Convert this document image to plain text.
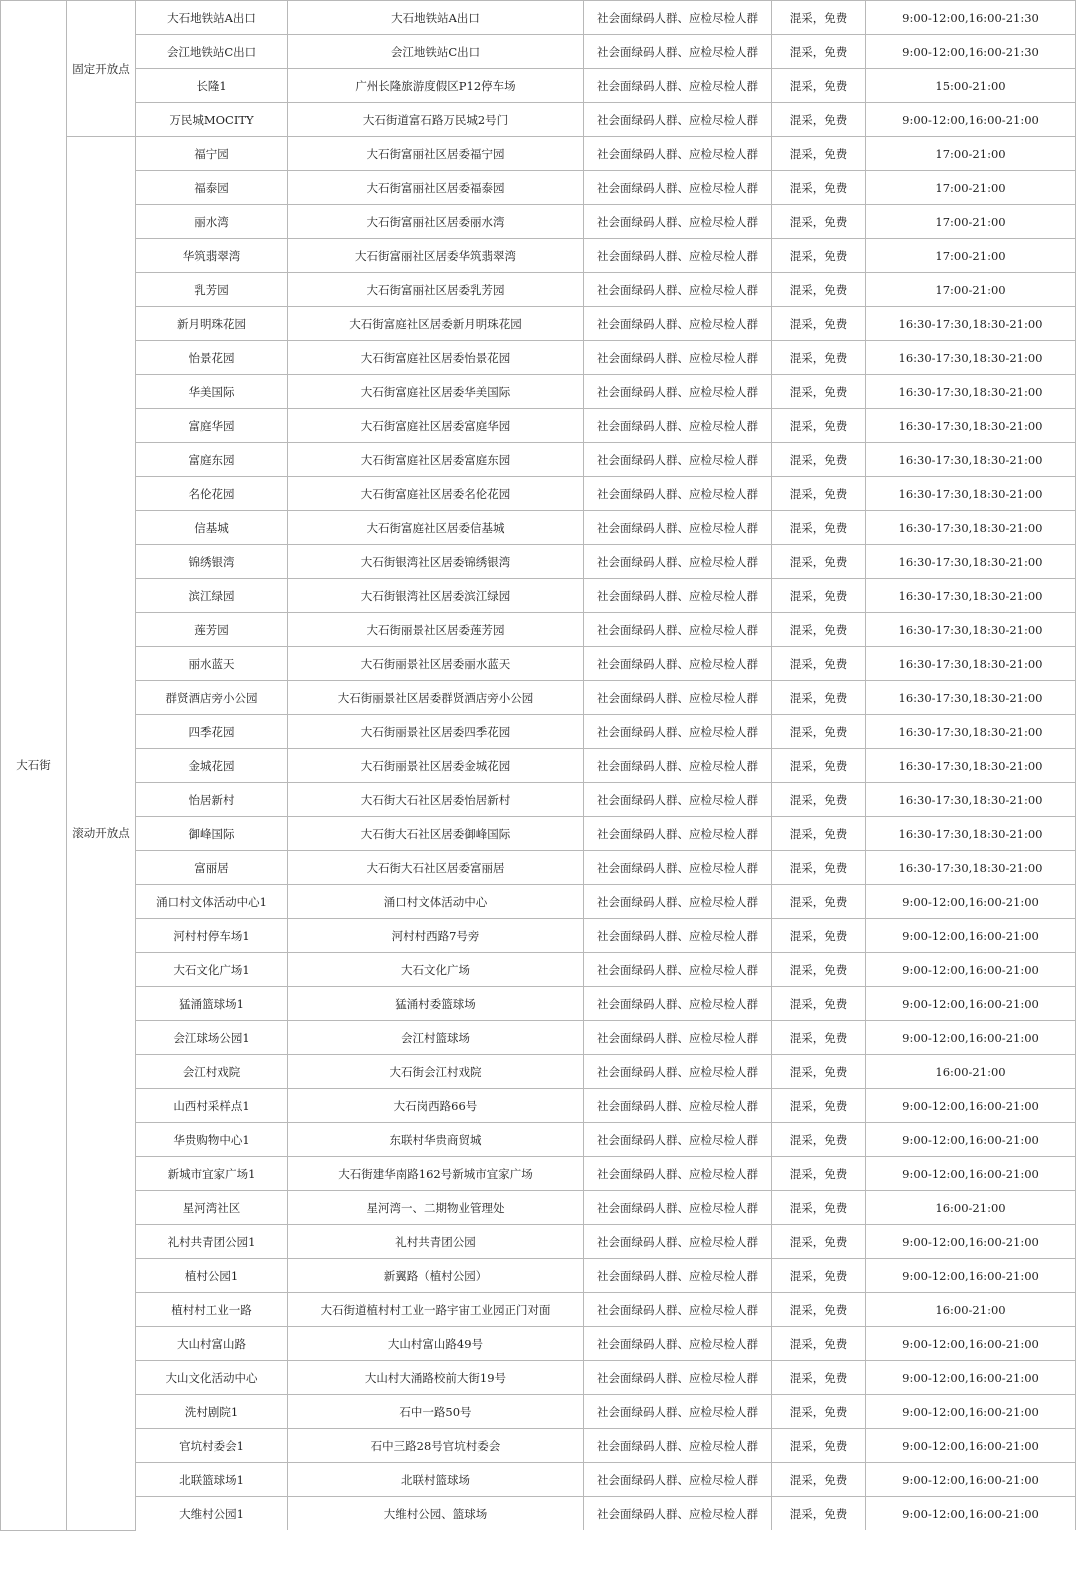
大石街	固定开放点	大石地铁站A出口	大石地铁站A出口	社会面绿码人群、应检尽检人群	混采，免费	9:00-12:00,16:00-21:30
		会江地铁站C出口	会江地铁站C出口	社会面绿码人群、应检尽检人群	混采，免费	9:00-12:00,16:00-21:30
		长隆1	广州长隆旅游度假区P12停车场	社会面绿码人群、应检尽检人群	混采，免费	15:00-21:00
		万民城MOCITY	大石街道富石路万民城2号门	社会面绿码人群、应检尽检人群	混采，免费	9:00-12:00,16:00-21:00
	滚动开放点	福宁园	大石街富丽社区居委福宁园	社会面绿码人群、应检尽检人群	混采，免费	17:00-21:00
		福泰园	大石街富丽社区居委福泰园	社会面绿码人群、应检尽检人群	混采，免费	17:00-21:00
		丽水湾	大石街富丽社区居委丽水湾	社会面绿码人群、应检尽检人群	混采，免费	17:00-21:00
		华筑翡翠湾	大石街富丽社区居委华筑翡翠湾	社会面绿码人群、应检尽检人群	混采，免费	17:00-21:00
		乳芳园	大石街富丽社区居委乳芳园	社会面绿码人群、应检尽检人群	混采，免费	17:00-21:00
		新月明珠花园	大石街富庭社区居委新月明珠花园	社会面绿码人群、应检尽检人群	混采，免费	16:30-17:30,18:30-21:00
		怡景花园	大石街富庭社区居委怡景花园	社会面绿码人群、应检尽检人群	混采，免费	16:30-17:30,18:30-21:00
		华美国际	大石街富庭社区居委华美国际	社会面绿码人群、应检尽检人群	混采，免费	16:30-17:30,18:30-21:00
		富庭华园	大石街富庭社区居委富庭华园	社会面绿码人群、应检尽检人群	混采，免费	16:30-17:30,18:30-21:00
		富庭东园	大石街富庭社区居委富庭东园	社会面绿码人群、应检尽检人群	混采，免费	16:30-17:30,18:30-21:00
		名伦花园	大石街富庭社区居委名伦花园	社会面绿码人群、应检尽检人群	混采，免费	16:30-17:30,18:30-21:00
		信基城	大石街富庭社区居委信基城	社会面绿码人群、应检尽检人群	混采，免费	16:30-17:30,18:30-21:00
		锦绣银湾	大石街银湾社区居委锦绣银湾	社会面绿码人群、应检尽检人群	混采，免费	16:30-17:30,18:30-21:00
		滨江绿园	大石街银湾社区居委滨江绿园	社会面绿码人群、应检尽检人群	混采，免费	16:30-17:30,18:30-21:00
		莲芳园	大石街丽景社区居委莲芳园	社会面绿码人群、应检尽检人群	混采，免费	16:30-17:30,18:30-21:00
		丽水蓝天	大石街丽景社区居委丽水蓝天	社会面绿码人群、应检尽检人群	混采，免费	16:30-17:30,18:30-21:00
		群贤酒店旁小公园	大石街丽景社区居委群贤酒店旁小公园	社会面绿码人群、应检尽检人群	混采，免费	16:30-17:30,18:30-21:00
		四季花园	大石街丽景社区居委四季花园	社会面绿码人群、应检尽检人群	混采，免费	16:30-17:30,18:30-21:00
		金城花园	大石街丽景社区居委金城花园	社会面绿码人群、应检尽检人群	混采，免费	16:30-17:30,18:30-21:00
		怡居新村	大石街大石社区居委怡居新村	社会面绿码人群、应检尽检人群	混采，免费	16:30-17:30,18:30-21:00
		御峰国际	大石街大石社区居委御峰国际	社会面绿码人群、应检尽检人群	混采，免费	16:30-17:30,18:30-21:00
		富丽居	大石街大石社区居委富丽居	社会面绿码人群、应检尽检人群	混采，免费	16:30-17:30,18:30-21:00
		涌口村文体活动中心1	涌口村文体活动中心	社会面绿码人群、应检尽检人群	混采，免费	9:00-12:00,16:00-21:00
		河村村停车场1	河村村西路7号旁	社会面绿码人群、应检尽检人群	混采，免费	9:00-12:00,16:00-21:00
		大石文化广场1	大石文化广场	社会面绿码人群、应检尽检人群	混采，免费	9:00-12:00,16:00-21:00
		猛涌篮球场1	猛涌村委篮球场	社会面绿码人群、应检尽检人群	混采，免费	9:00-12:00,16:00-21:00
		会江球场公园1	会江村篮球场	社会面绿码人群、应检尽检人群	混采，免费	9:00-12:00,16:00-21:00
		会江村戏院	大石街会江村戏院	社会面绿码人群、应检尽检人群	混采，免费	16:00-21:00
		山西村采样点1	大石岗西路66号	社会面绿码人群、应检尽检人群	混采，免费	9:00-12:00,16:00-21:00
		华贵购物中心1	东联村华贵商贸城	社会面绿码人群、应检尽检人群	混采，免费	9:00-12:00,16:00-21:00
		新城市宜家广场1	大石街建华南路162号新城市宜家广场	社会面绿码人群、应检尽检人群	混采，免费	9:00-12:00,16:00-21:00
		星河湾社区	星河湾一、二期物业管理处	社会面绿码人群、应检尽检人群	混采，免费	16:00-21:00
		礼村共青团公园1	礼村共青团公园	社会面绿码人群、应检尽检人群	混采，免费	9:00-12:00,16:00-21:00
		植村公园1	新翼路（植村公园）	社会面绿码人群、应检尽检人群	混采，免费	9:00-12:00,16:00-21:00
		植村村工业一路	大石街道植村村工业一路宇宙工业园正门对面	社会面绿码人群、应检尽检人群	混采，免费	16:00-21:00
		大山村富山路	大山村富山路49号	社会面绿码人群、应检尽检人群	混采，免费	9:00-12:00,16:00-21:00
		大山文化活动中心	大山村大涌路校前大街19号	社会面绿码人群、应检尽检人群	混采，免费	9:00-12:00,16:00-21:00
		洗村剧院1	石中一路50号	社会面绿码人群、应检尽检人群	混采，免费	9:00-12:00,16:00-21:00
		官坑村委会1	石中三路28号官坑村委会	社会面绿码人群、应检尽检人群	混采，免费	9:00-12:00,16:00-21:00
		北联篮球场1	北联村篮球场	社会面绿码人群、应检尽检人群	混采，免费	9:00-12:00,16:00-21:00
		大维村公园1	大维村公园、篮球场	社会面绿码人群、应检尽检人群	混采，免费	9:00-12:00,16:00-21:00
